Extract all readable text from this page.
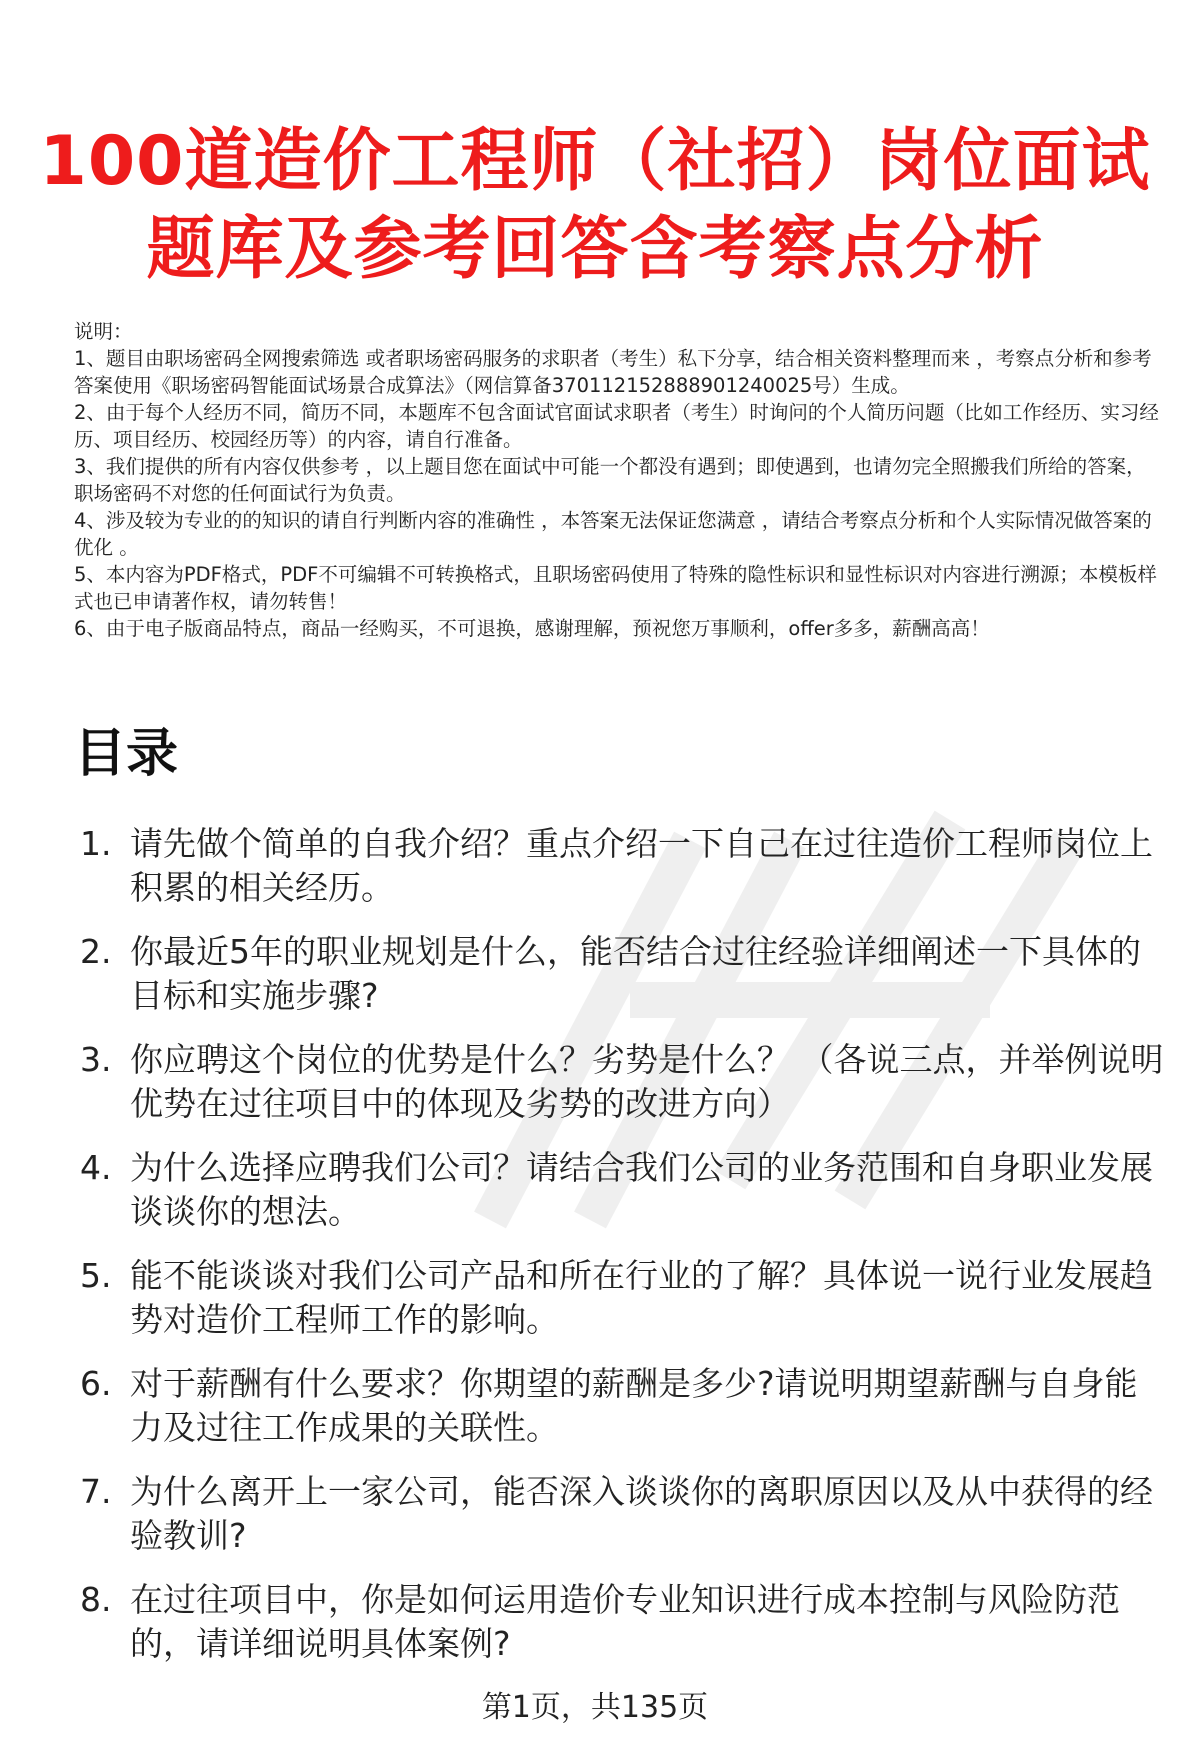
100道造价工程师（社招）岗位面试
题库及参考回答含考察点分析

说明：

1、题目由职场密码全网搜索筛选 或者职场密码服务的求职者（考生）私下分享，结合相关资料整理而来 ，考察点分析和参考答案使用《职场密码智能面试场景合成算法》（网信算备370112152888901240025号）生成。

2、由于每个人经历不同，简历不同，本题库不包含面试官面试求职者（考生）时询问的个人简历问题（比如工作经历、实习经历、项目经历、校园经历等）的内容，请自行准备。

3、我们提供的所有内容仅供参考 ，以上题目您在面试中可能一个都没有遇到；即使遇到，也请勿完全照搬我们所给的答案，职场密码不对您的任何面试行为负责。

4、涉及较为专业的的知识的请自行判断内容的准确性 ，本答案无法保证您满意 ，请结合考察点分析和个人实际情况做答案的优化 。

5、本内容为PDF格式，PDF不可编辑不可转换格式，且职场密码使用了特殊的隐性标识和显性标识对内容进行溯源；本模板样式也已申请著作权，请勿转售！

6、由于电子版商品特点，商品一经购买，不可退换，感谢理解，预祝您万事顺利，offer多多，薪酬高高！

目录
1. 请先做个简单的自我介绍？重点介绍一下自己在过往造价工程师岗位上积累的相关经历。
2. 你最近5年的职业规划是什么，能否结合过往经验详细阐述一下具体的目标和实施步骤?
3. 你应聘这个岗位的优势是什么？劣势是什么？ （各说三点，并举例说明优势在过往项目中的体现及劣势的改进方向）
4. 为什么选择应聘我们公司？请结合我们公司的业务范围和自身职业发展谈谈你的想法。
5. 能不能谈谈对我们公司产品和所在行业的了解？具体说一说行业发展趋势对造价工程师工作的影响。
6. 对于薪酬有什么要求？你期望的薪酬是多少?请说明期望薪酬与自身能力及过往工作成果的关联性。
7. 为什么离开上一家公司，能否深入谈谈你的离职原因以及从中获得的经验教训?
8. 在过往项目中，你是如何运用造价专业知识进行成本控制与风险防范的，请详细说明具体案例?
第1页，共135页
